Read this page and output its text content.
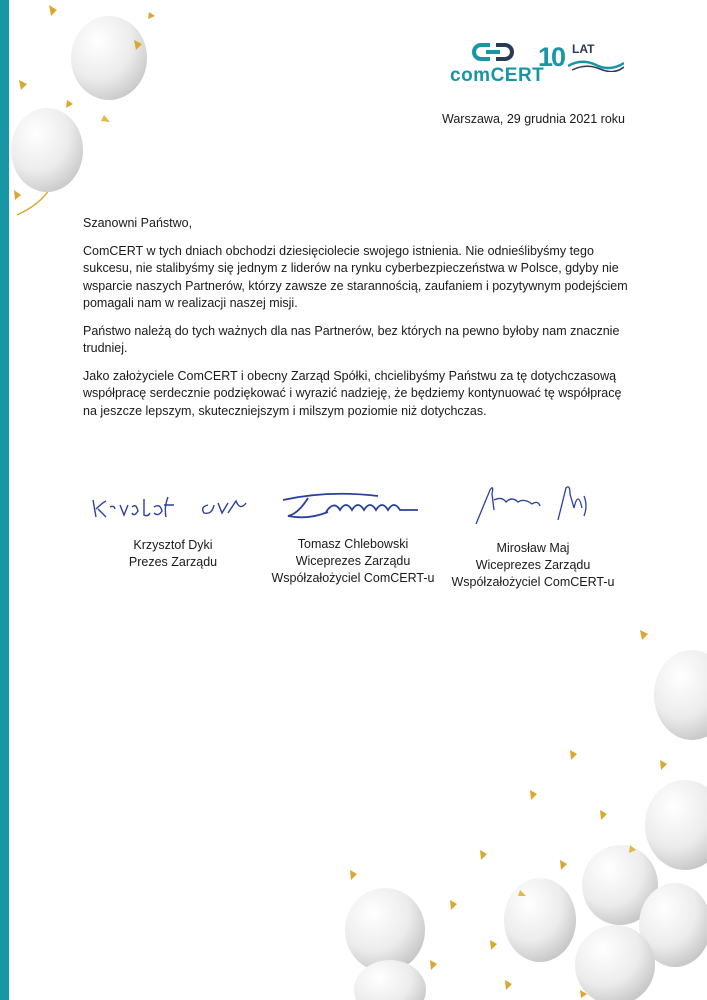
comCERT
10 LAT
Warszawa, 29 grudnia 2021 roku

Szanowni Państwo,

ComCERT w tych dniach obchodzi dziesięciolecie swojego istnienia. Nie odnieślibyśmy tego sukcesu, nie stalibyśmy się jednym z liderów na rynku cyberbezpieczeństwa w Polsce, gdyby nie wsparcie naszych Partnerów, którzy zawsze ze starannością, zaufaniem i pozytywnym podejściem pomagali nam w realizacji naszej misji.

Państwo należą do tych ważnych dla nas Partnerów, bez których na pewno byłoby nam znacznie trudniej.

Jako założyciele ComCERT i obecny Zarząd Spółki, chcielibyśmy Państwu za tę dotychczasową współpracę serdecznie podziękować i wyrazić nadzieję, że będziemy kontynuować tę współpracę na jeszcze lepszym, skuteczniejszym i milszym poziomie niż dotychczas.

Krzysztof Dyki
Prezes Zarządu
Tomasz Chlebowski
Wiceprezes Zarządu
Współzałożyciel ComCERT-u
Mirosław Maj
Wiceprezes Zarządu
Współzałożyciel ComCERT-u
